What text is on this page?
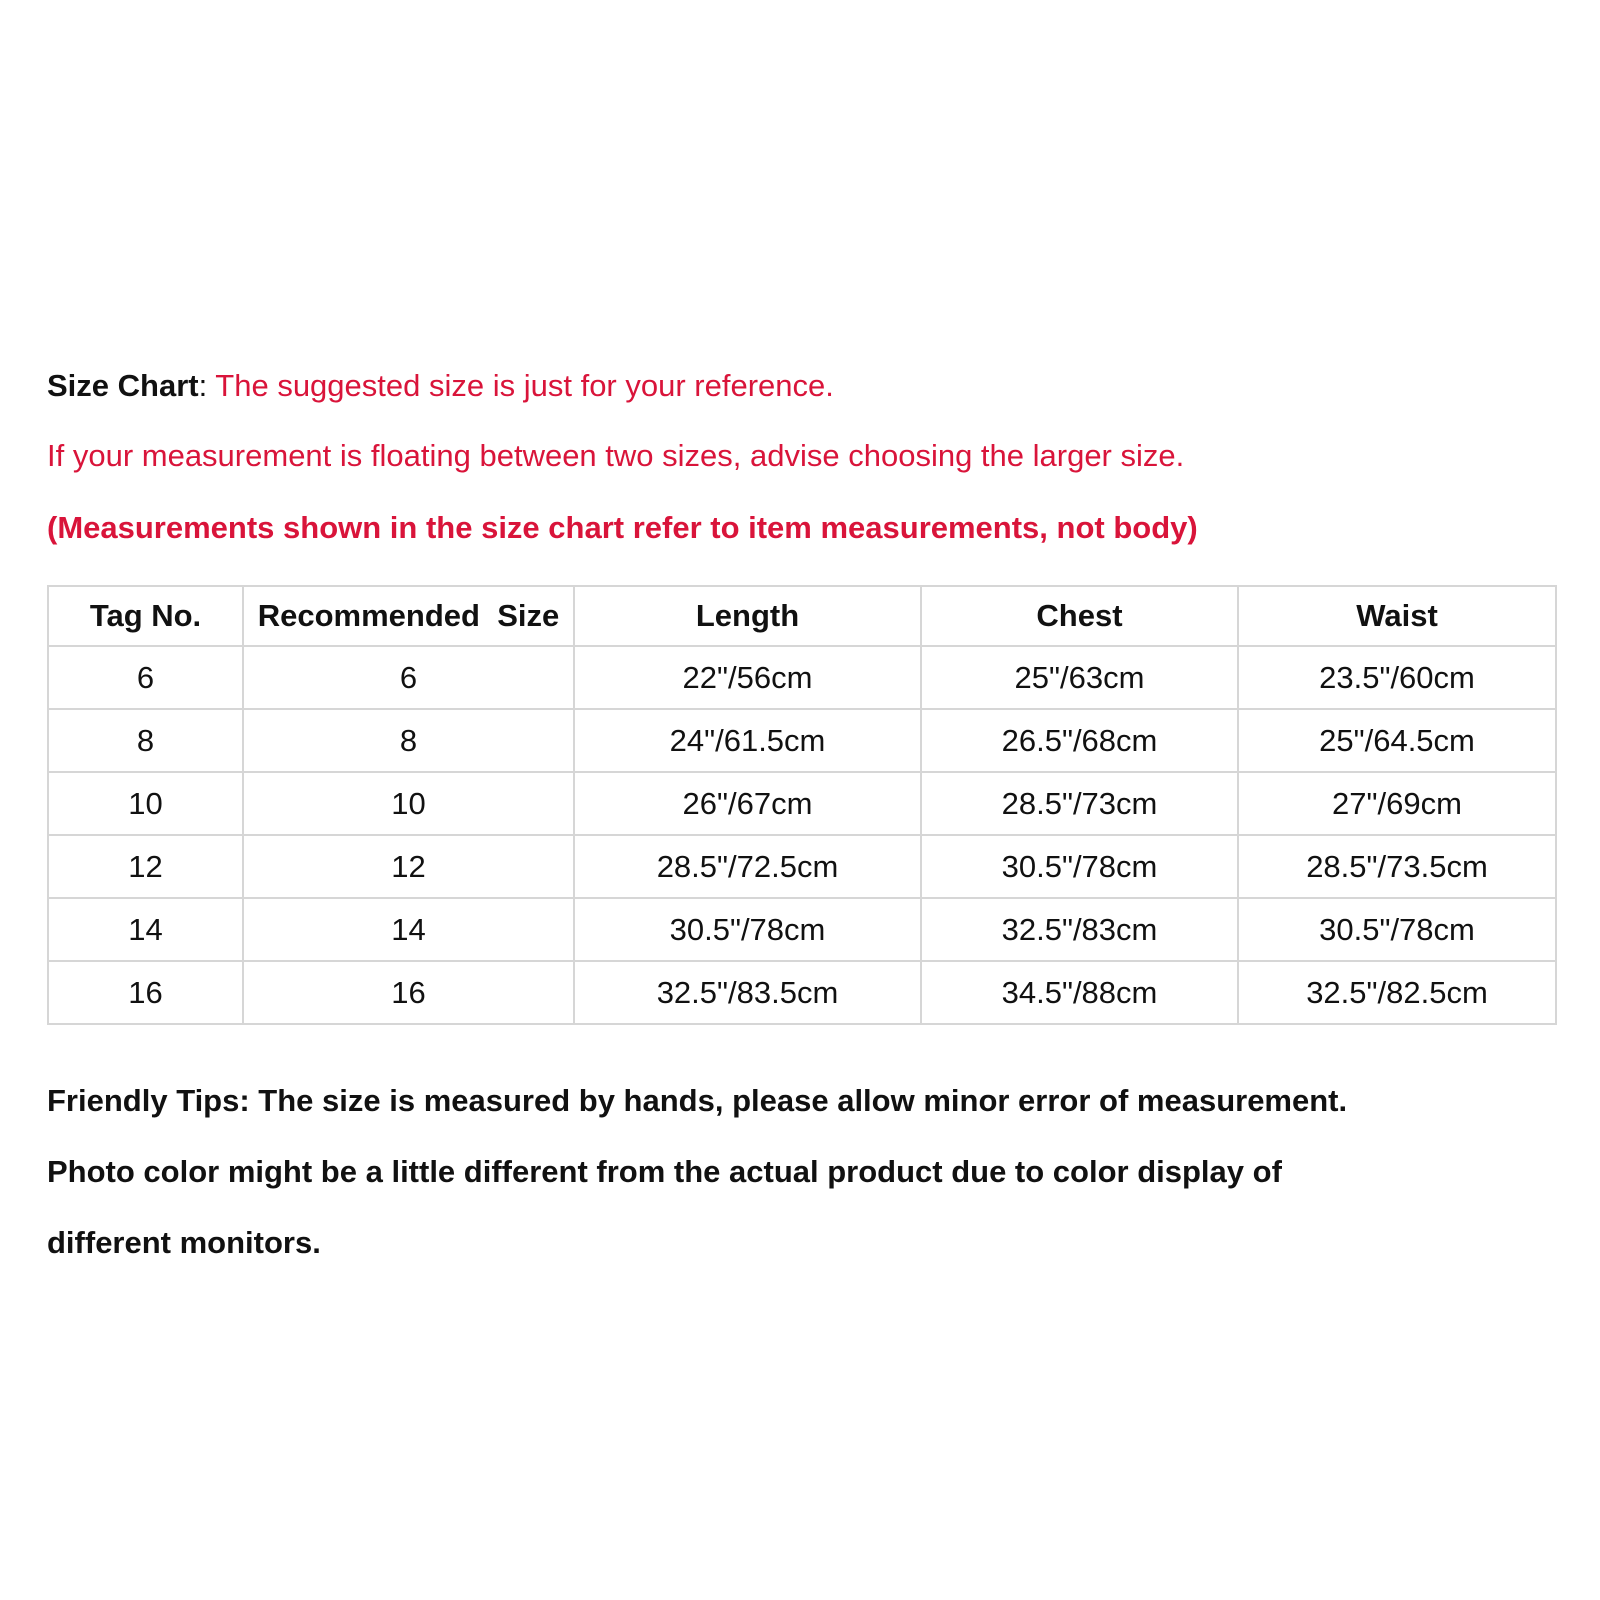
Size Chart: The suggested size is just for your reference.
If your measurement is floating between two sizes, advise choosing the larger size.
(Measurements shown in the size chart refer to item measurements, not body)
Tag No.	Recommended  Size	Length	Chest	Waist
6	6	22"/56cm	25"/63cm	23.5"/60cm
8	8	24"/61.5cm	26.5"/68cm	25"/64.5cm
10	10	26"/67cm	28.5"/73cm	27"/69cm
12	12	28.5"/72.5cm	30.5"/78cm	28.5"/73.5cm
14	14	30.5"/78cm	32.5"/83cm	30.5"/78cm
16	16	32.5"/83.5cm	34.5"/88cm	32.5"/82.5cm
Friendly Tips: The size is measured by hands, please allow minor error of measurement.
Photo color might be a little different from the actual product due to color display of
different monitors.
